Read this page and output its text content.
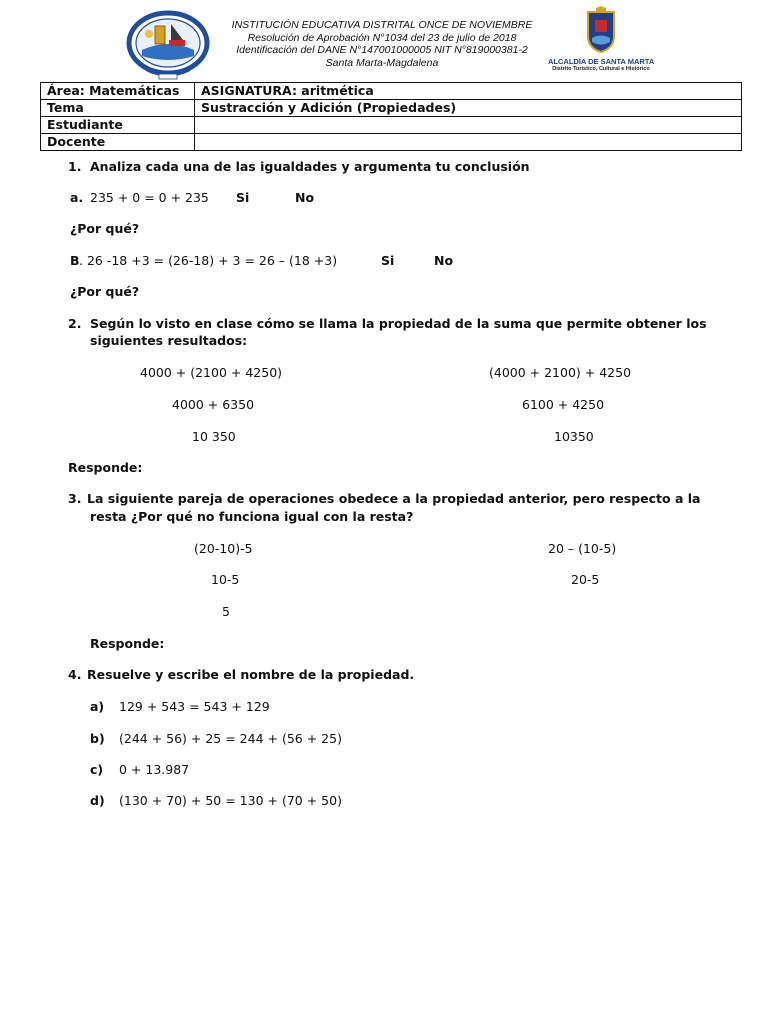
INSTITUCIÓN EDUCATIVA DISTRITAL ONCE DE NOVIEMBRE
Resolución de Aprobación N°1034 del 23 de julio de 2018
Identificación del DANE N°147001000005 NIT N°819000381-2
Santa Marta-Magdalena	ALCALDÍA DE SANTA MARTA
Distrito Turístico, Cultural e Histórico
Área: Matemáticas	ASIGNATURA: aritmética
Tema	Sustracción y Adición (Propiedades)
Estudiante	
Docente	
1. Analiza cada una de las igualdades y argumenta tu conclusión
a. 235 + 0 = 0 + 235 Si	No
¿Por qué?
B . 26 -18 +3 = (26-18) + 3 = 26 – (18 +3)	Si	No
¿Por qué?
2. Según lo visto en clase cómo se llama la propiedad de la suma que permite obtener los
siguientes resultados:
4000 + (2100 + 4250)
4000 + 6350
10 350
(4000 + 2100) + 4250
6100 + 4250
10350
Responde:
3. La siguiente pareja de operaciones obedece a la propiedad anterior, pero respecto a la
resta ¿Por qué no funciona igual con la resta?
(20-10)-5
10-5
5
20 – (10-5)
20-5
Responde:
4. Resuelve y escribe el nombre de la propiedad.
a) 129 + 543 = 543 + 129
b) (244 + 56) + 25 = 244 + (56 + 25)
c) 0 + 13.987
d) (130 + 70) + 50 = 130 + (70 + 50)
